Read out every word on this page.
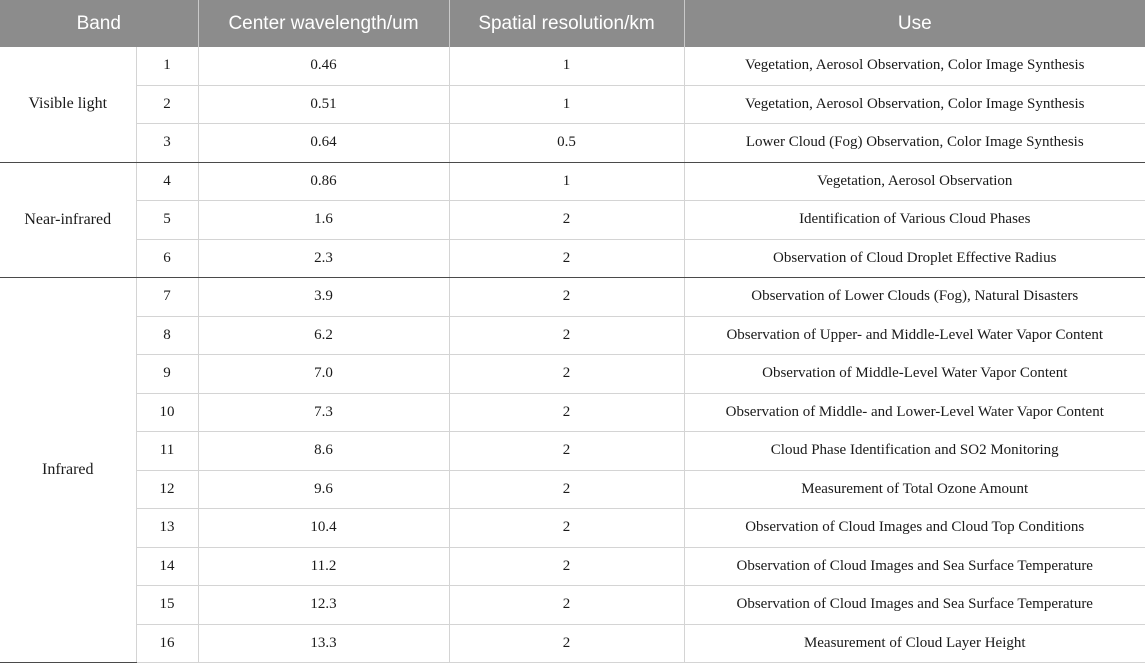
Band		Center wavelength/um	Spatial resolution/km	Use
Visible light	1	0.46	1	Vegetation, Aerosol Observation, Color Image Synthesis
	2	0.51	1	Vegetation, Aerosol Observation, Color Image Synthesis
	3	0.64	0.5	Lower Cloud (Fog) Observation, Color Image Synthesis
Near-infrared	4	0.86	1	Vegetation, Aerosol Observation
	5	1.6	2	Identification of Various Cloud Phases
	6	2.3	2	Observation of Cloud Droplet Effective Radius
Infrared	7	3.9	2	Observation of Lower Clouds (Fog), Natural Disasters
	8	6.2	2	Observation of Upper- and Middle-Level Water Vapor Content
	9	7.0	2	Observation of Middle-Level Water Vapor Content
	10	7.3	2	Observation of Middle- and Lower-Level Water Vapor Content
	11	8.6	2	Cloud Phase Identification and SO2 Monitoring
	12	9.6	2	Measurement of Total Ozone Amount
	13	10.4	2	Observation of Cloud Images and Cloud Top Conditions
	14	11.2	2	Observation of Cloud Images and Sea Surface Temperature
	15	12.3	2	Observation of Cloud Images and Sea Surface Temperature
	16	13.3	2	Measurement of Cloud Layer Height
